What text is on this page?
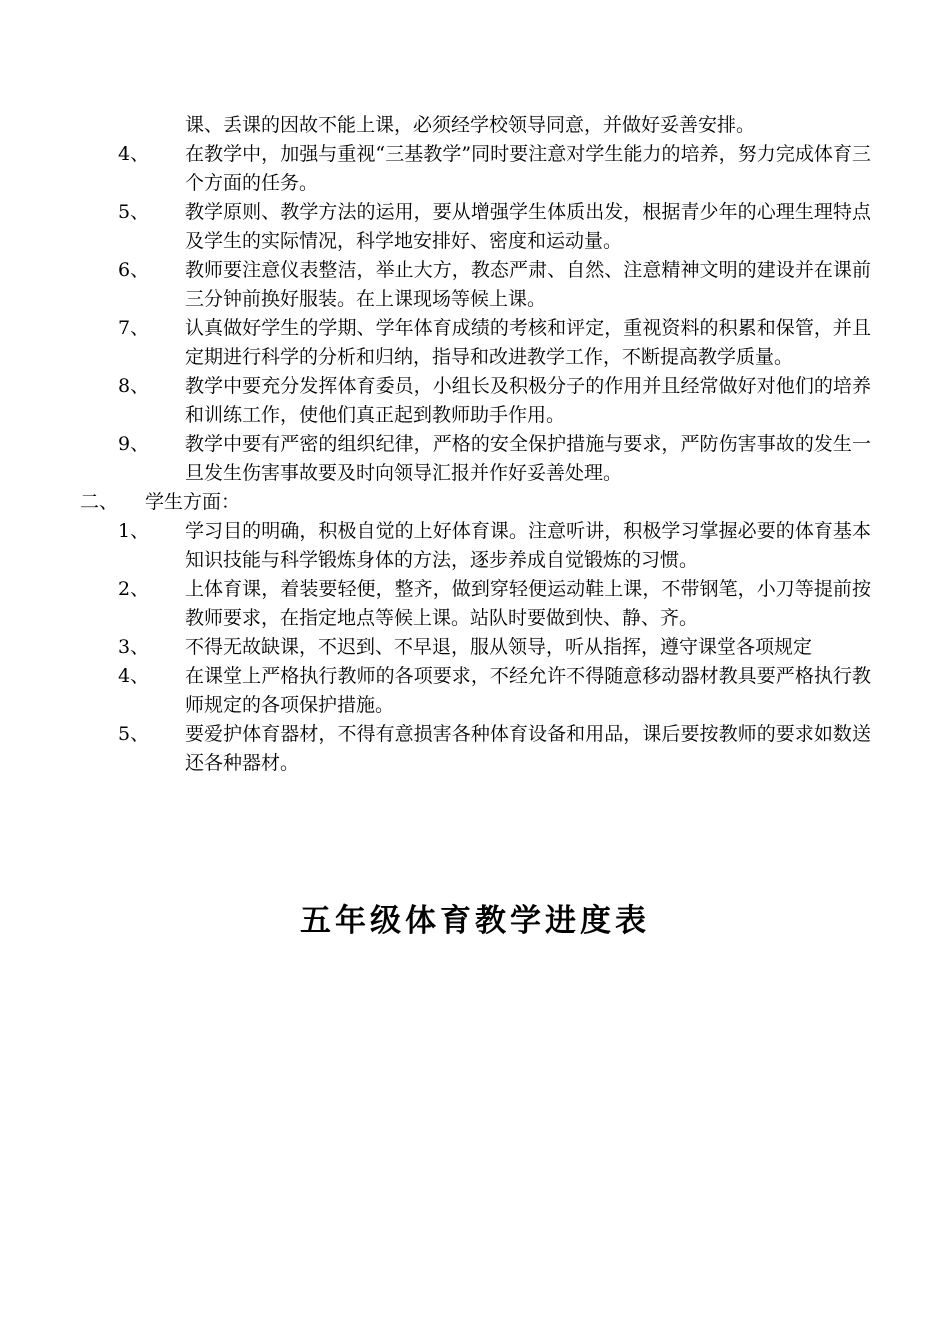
课、丢课的因故不能上课，必须经学校领导同意，并做好妥善安排。
4、	在教学中，加强与重视“三基教学”同时要注意对学生能力的培养，努力完成体育三个方面的任务。
5、	教学原则、教学方法的运用，要从增强学生体质出发，根据青少年的心理生理特点及学生的实际情况，科学地安排好、密度和运动量。
6、	教师要注意仪表整洁，举止大方，教态严肃、自然、注意精神文明的建设并在课前三分钟前换好服装。在上课现场等候上课。
7、	认真做好学生的学期、学年体育成绩的考核和评定，重视资料的积累和保管，并且定期进行科学的分析和归纳，指导和改进教学工作，不断提高教学质量。
8、	教学中要充分发挥体育委员，小组长及积极分子的作用并且经常做好对他们的培养和训练工作，使他们真正起到教师助手作用。
9、	教学中要有严密的组织纪律，严格的安全保护措施与要求，严防伤害事故的发生一旦发生伤害事故要及时向领导汇报并作好妥善处理。
二、	学生方面：
1、	学习目的明确，积极自觉的上好体育课。注意听讲，积极学习掌握必要的体育基本知识技能与科学锻炼身体的方法，逐步养成自觉锻炼的习惯。
2、	上体育课，着装要轻便，整齐，做到穿轻便运动鞋上课，不带钢笔，小刀等提前按教师要求，在指定地点等候上课。站队时要做到快、静、齐。
3、	不得无故缺课，不迟到、不早退，服从领导，听从指挥，遵守课堂各项规定
4、	在课堂上严格执行教师的各项要求，不经允许不得随意移动器材教具要严格执行教师规定的各项保护措施。
5、	要爱护体育器材，不得有意损害各种体育设备和用品，课后要按教师的要求如数送还各种器材。
五年级体育教学进度表
